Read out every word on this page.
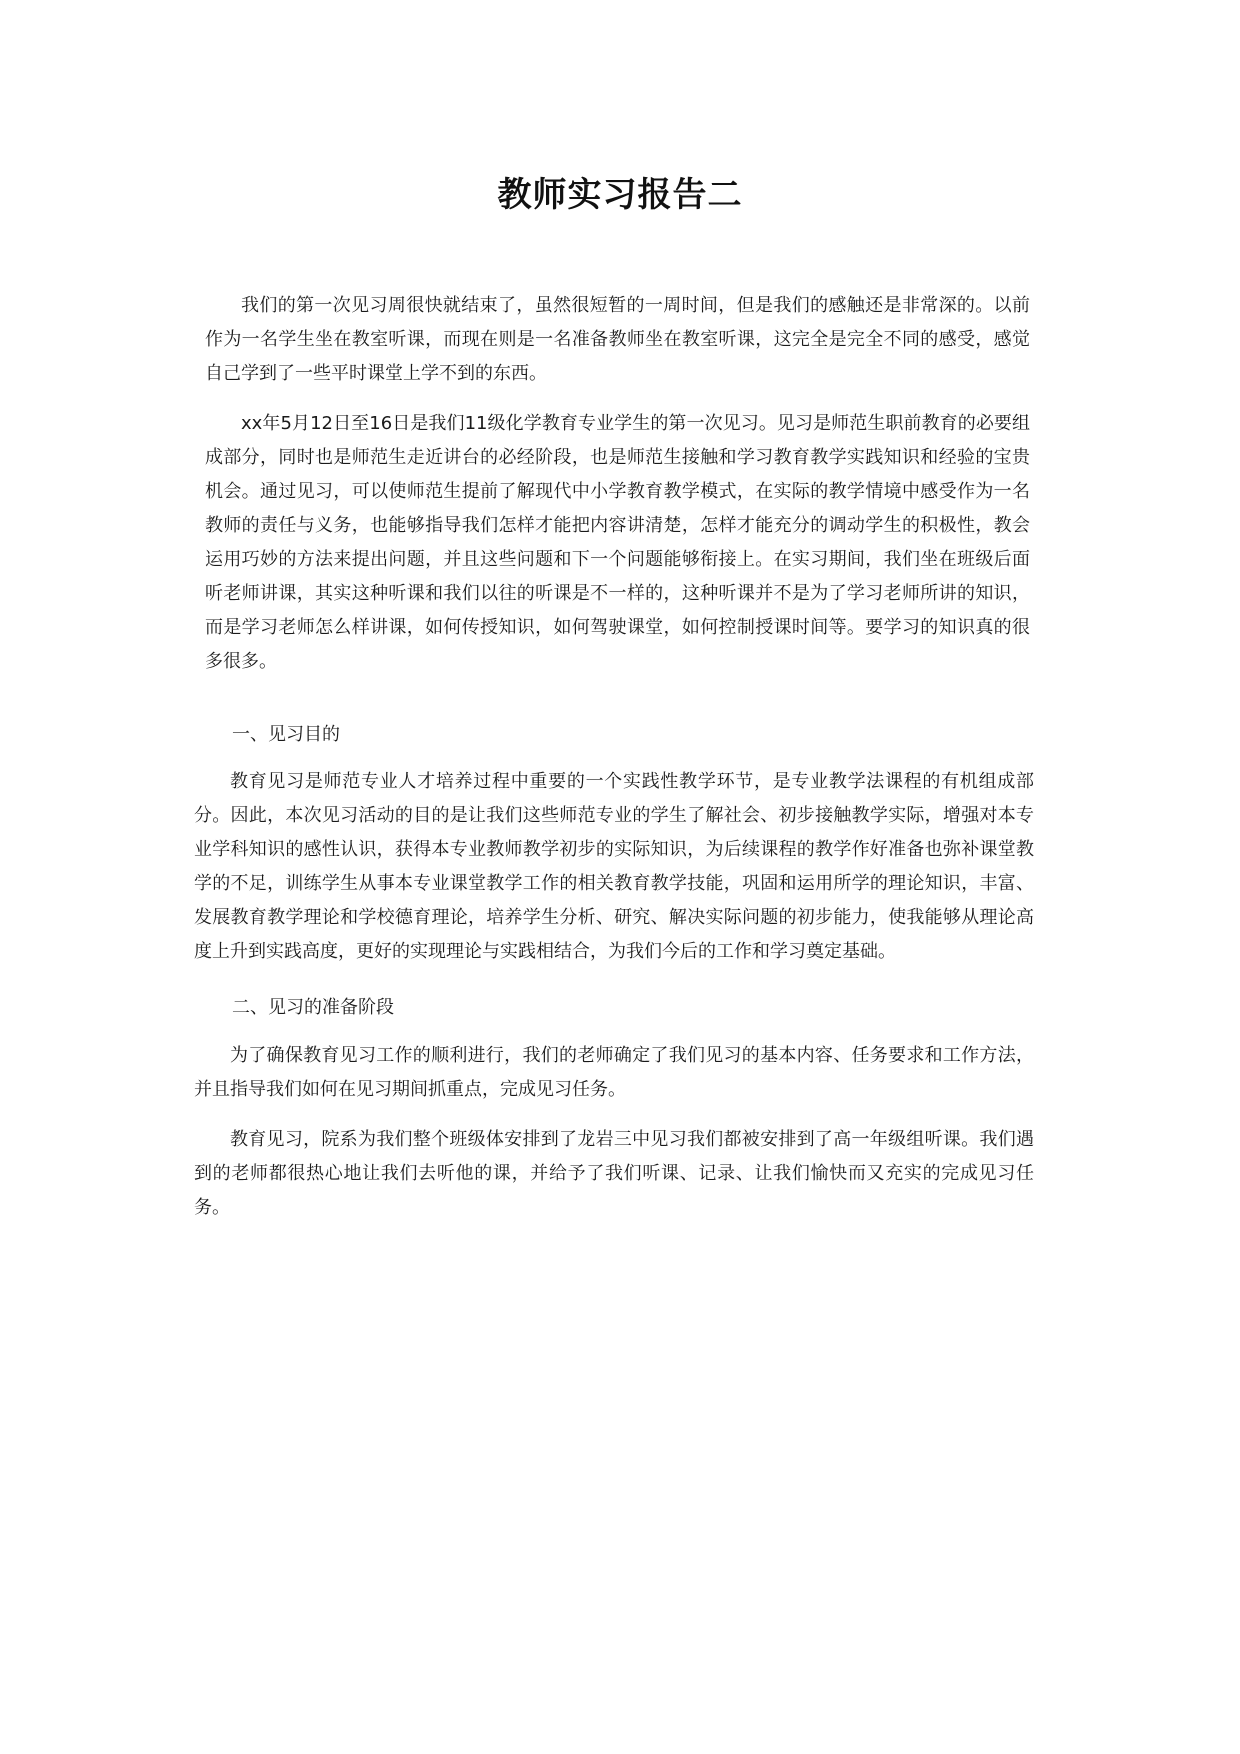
教师实习报告二

我们的第一次见习周很快就结束了，虽然很短暂的一周时间，但是我们的感触还是非常深的。以前作为一名学生坐在教室听课，而现在则是一名准备教师坐在教室听课，这完全是完全不同的感受，感觉自己学到了一些平时课堂上学不到的东西。

xx年5月12日至16日是我们11级化学教育专业学生的第一次见习。见习是师范生职前教育的必要组成部分，同时也是师范生走近讲台的必经阶段，也是师范生接触和学习教育教学实践知识和经验的宝贵机会。通过见习，可以使师范生提前了解现代中小学教育教学模式，在实际的教学情境中感受作为一名教师的责任与义务，也能够指导我们怎样才能把内容讲清楚，怎样才能充分的调动学生的积极性，教会运用巧妙的方法来提出问题，并且这些问题和下一个问题能够衔接上。在实习期间，我们坐在班级后面听老师讲课，其实这种听课和我们以往的听课是不一样的，这种听课并不是为了学习老师所讲的知识，而是学习老师怎么样讲课，如何传授知识，如何驾驶课堂，如何控制授课时间等。要学习的知识真的很多很多。

一、见习目的

教育见习是师范专业人才培养过程中重要的一个实践性教学环节，是专业教学法课程的有机组成部分。因此，本次见习活动的目的是让我们这些师范专业的学生了解社会、初步接触教学实际，增强对本专业学科知识的感性认识，获得本专业教师教学初步的实际知识，为后续课程的教学作好准备也弥补课堂教学的不足，训练学生从事本专业课堂教学工作的相关教育教学技能，巩固和运用所学的理论知识，丰富、发展教育教学理论和学校德育理论，培养学生分析、研究、解决实际问题的初步能力，使我能够从理论高度上升到实践高度，更好的实现理论与实践相结合，为我们今后的工作和学习奠定基础。

二、见习的准备阶段

为了确保教育见习工作的顺利进行，我们的老师确定了我们见习的基本内容、任务要求和工作方法，并且指导我们如何在见习期间抓重点，完成见习任务。

教育见习，院系为我们整个班级体安排到了龙岩三中见习我们都被安排到了高一年级组听课。我们遇到的老师都很热心地让我们去听他的课，并给予了我们听课、记录、让我们愉快而又充实的完成见习任务。
